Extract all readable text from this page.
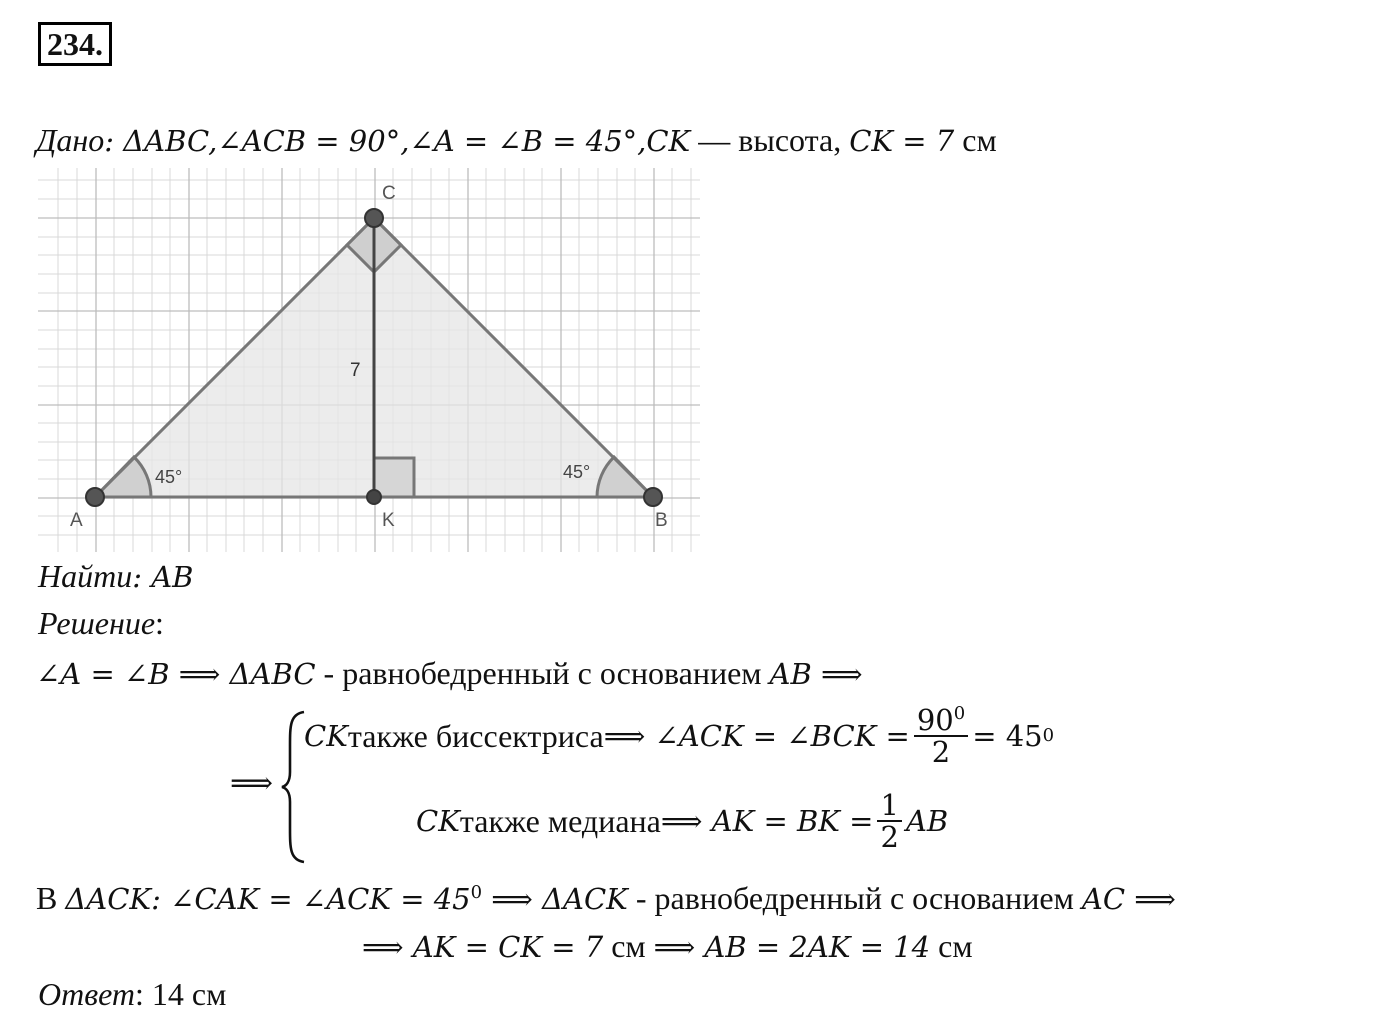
234.
Дано: ΔABC,∠ACB = 90°,∠A = ∠B = 45°,CK — высота, CK = 7 см
C
A	K	B
7
45°	45°
Найти: AB
Решение:
∠A = ∠B ⟹ ΔABC - равнобедренный с основанием AB ⟹
⟹
CK также биссектриса ⟹ ∠ACK = ∠BCK = $\frac{90^0}{2} = 45$ 0
CK также медиана ⟹ AK = BK = $\frac{1}{2}$ AB
В ΔACK: ∠CAK = ∠ACK = $45^0$ ⟹ ΔACK - равнобедренный с основанием AC ⟹
⟹ AK = CK = 7 см ⟹ AB = 2AK = 14 см
Ответ: 14 см
